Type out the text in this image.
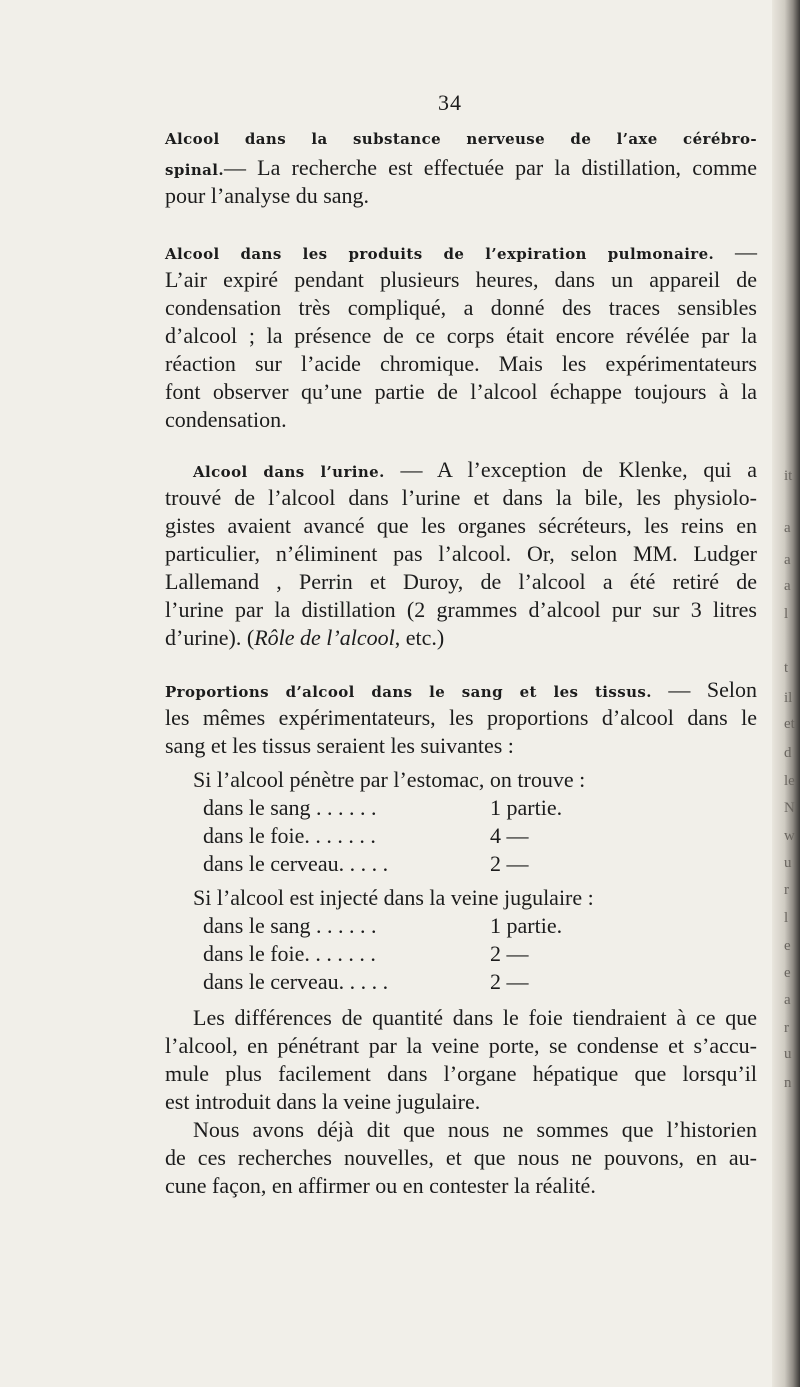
it
a
a
a
l
t
il
et
d
le
N
w
u
r
l
e
e
a
r
u
n
34
Alcool dans la substance nerveuse de l’axe cérébro-
spinal.— La recherche est effectuée par la distillation, comme
pour l’analyse du sang.
Alcool dans les produits de l’expiration pulmonaire. —
L’air expiré pendant plusieurs heures, dans un appareil de
condensation très compliqué, a donné des traces sensibles
d’alcool ; la présence de ce corps était encore révélée par la
réaction sur l’acide chromique. Mais les expérimentateurs
font observer qu’une partie de l’alcool échappe toujours à la
condensation.
Alcool dans l’urine. — A l’exception de Klenke, qui a
trouvé de l’alcool dans l’urine et dans la bile, les physiolo-
gistes avaient avancé que les organes sécréteurs, les reins en
particulier, n’éliminent pas l’alcool. Or, selon MM. Ludger
Lallemand , Perrin et Duroy, de l’alcool a été retiré de
l’urine par la distillation (2 grammes d’alcool pur sur 3 litres
d’urine). (Rôle de l’alcool, etc.)
Proportions d’alcool dans le sang et les tissus. — Selon
les mêmes expérimentateurs, les proportions d’alcool dans le
sang et les tissus seraient les suivantes :
Si l’alcool pénètre par l’estomac, on trouve :
dans le sang . . . . . .	1 partie.
dans le foie. . . . . . .	4 —
dans le cerveau. . . . .	2 —
Si l’alcool est injecté dans la veine jugulaire :
dans le sang . . . . . .	1 partie.
dans le foie. . . . . . .	2 —
dans le cerveau. . . . .	2 —
Les différences de quantité dans le foie tiendraient à ce que
l’alcool, en pénétrant par la veine porte, se condense et s’accu-
mule plus facilement dans l’organe hépatique que lorsqu’il
est introduit dans la veine jugulaire.
Nous avons déjà dit que nous ne sommes que l’historien
de ces recherches nouvelles, et que nous ne pouvons, en au-
cune façon, en affirmer ou en contester la réalité.
